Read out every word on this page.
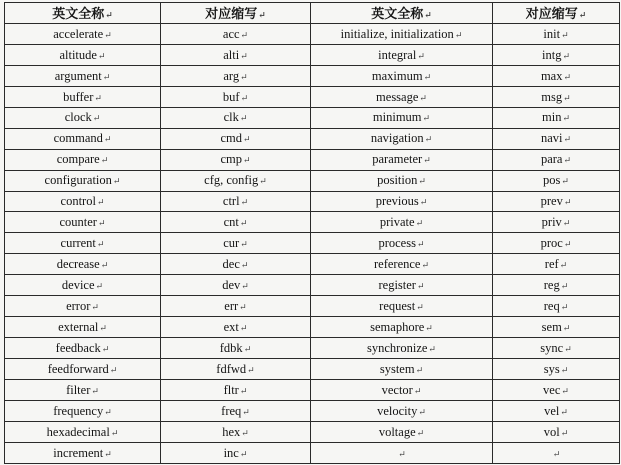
英文全称↵	对应缩写↵	英文全称↵	对应缩写↵
accelerate↵	acc↵	initialize, initialization↵	init↵
altitude↵	alti↵	integral↵	intg↵
argument↵	arg↵	maximum↵	max↵
buffer↵	buf↵	message↵	msg↵
clock↵	clk↵	minimum↵	min↵
command↵	cmd↵	navigation↵	navi↵
compare↵	cmp↵	parameter↵	para↵
configuration↵	cfg, config↵	position↵	pos↵
control↵	ctrl↵	previous↵	prev↵
counter↵	cnt↵	private↵	priv↵
current↵	cur↵	process↵	proc↵
decrease↵	dec↵	reference↵	ref↵
device↵	dev↵	register↵	reg↵
error↵	err↵	request↵	req↵
external↵	ext↵	semaphore↵	sem↵
feedback↵	fdbk↵	synchronize↵	sync↵
feedforward↵	fdfwd↵	system↵	sys↵
filter↵	fltr↵	vector↵	vec↵
frequency↵	freq↵	velocity↵	vel↵
hexadecimal↵	hex↵	voltage↵	vol↵
increment↵	inc↵	↵	↵
